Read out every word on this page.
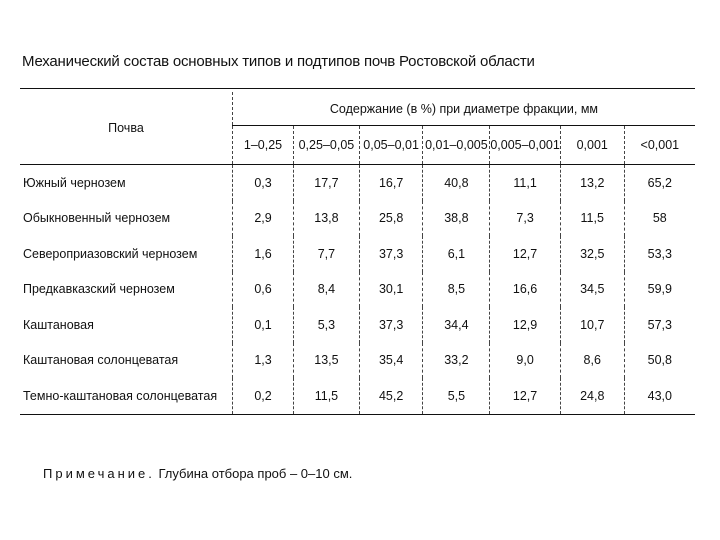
Механический состав основных типов и подтипов почв Ростовской области
Почва	Содержание (в %) при диаметре фракции, мм						
	1–0,25	0,25–0,05	0,05–0,01	0,01–0,005	0,005–0,001	0,001	<0,001
Южный чернозем	0,3	17,7	16,7	40,8	11,1	13,2	65,2
Обыкновенный чернозем	2,9	13,8	25,8	38,8	7,3	11,5	58
Североприазовский чернозем	1,6	7,7	37,3	6,1	12,7	32,5	53,3
Предкавказский чернозем	0,6	8,4	30,1	8,5	16,6	34,5	59,9
Каштановая	0,1	5,3	37,3	34,4	12,9	10,7	57,3
Каштановая солонцеватая	1,3	13,5	35,4	33,2	9,0	8,6	50,8
Темно-каштановая солонцеватая	0,2	11,5	45,2	5,5	12,7	24,8	43,0
Примечание. Глубина отбора проб – 0–10 см.
